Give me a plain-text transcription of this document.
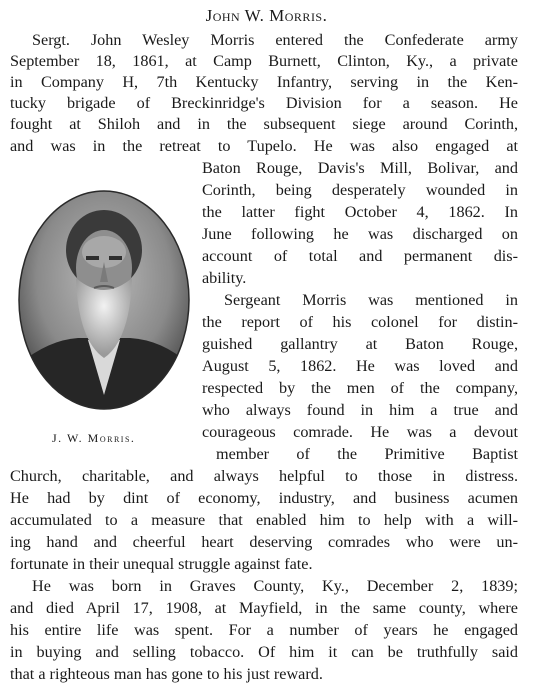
John W. Morris.
Sergt. John Wesley Morris entered the Confederate army
September 18, 1861, at Camp Burnett, Clinton, Ky., a private
in Company H, 7th Kentucky Infantry, serving in the Ken-
tucky brigade of Breckinridge's Division for a season. He
fought at Shiloh and in the subsequent siege around Corinth,
and was in the retreat to Tupelo. He was also engaged at
Baton Rouge, Davis's Mill, Bolivar, and
Corinth, being desperately wounded in
the latter fight October 4, 1862. In
June following he was discharged on
account of total and permanent dis-
ability.
Sergeant Morris was mentioned in
the report of his colonel for distin-
guished gallantry at Baton Rouge,
August 5, 1862. He was loved and
respected by the men of the company,
who always found in him a true and
courageous comrade. He was a devout
member of the Primitive Baptist
Church, charitable, and always helpful to those in distress.
He had by dint of economy, industry, and business acumen
accumulated to a measure that enabled him to help with a will-
ing hand and cheerful heart deserving comrades who were un-
fortunate in their unequal struggle against fate.
He was born in Graves County, Ky., December 2, 1839;
and died April 17, 1908, at Mayfield, in the same county, where
his entire life was spent. For a number of years he engaged
in buying and selling tobacco. Of him it can be truthfully said
that a righteous man has gone to his just reward.
J. W. Morris.
